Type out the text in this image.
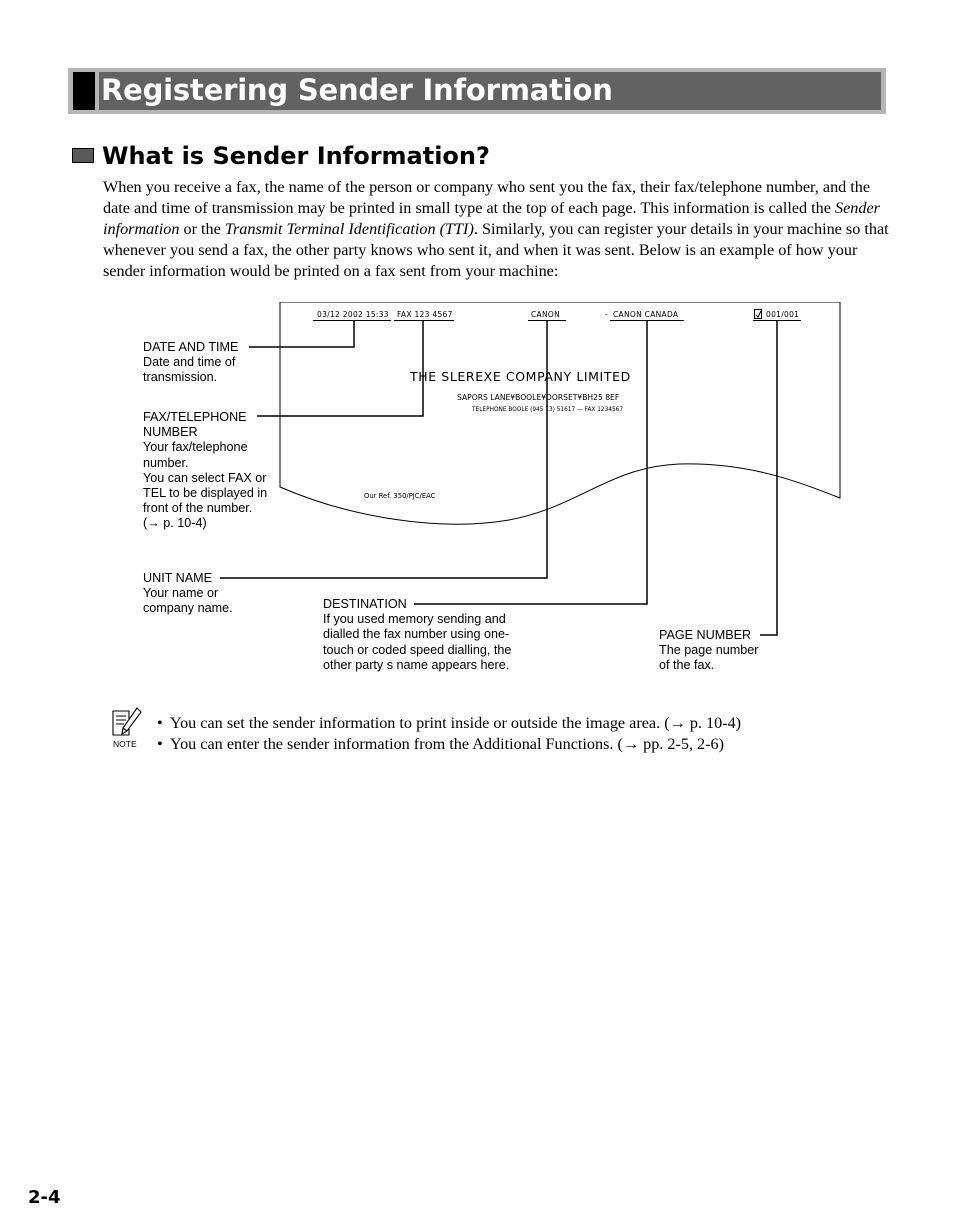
Registering Sender Information
What is Sender Information?

When you receive a fax, the name of the person or company who sent you the fax, their fax/telephone number, and the date and time of transmission may be printed in small type at the top of each page. This information is called the Sender information or the Transmit Terminal Identification (TTI). Similarly, you can register your details in your machine so that whenever you send a fax, the other party knows who sent it, and when it was sent. Below is an example of how your sender information would be printed on a fax sent from your machine:

03/12 2002 15:33 FAX 123 4567	CANON	- CANON CANADA	001/001
THE SLEREXE COMPANY LIMITED
SAPORS LANE¥BOOLE¥DORSET¥BH25 8EF
TELEPHONE BOOLE (945 13) 51617 — FAX 1234567
Our Ref. 350/PJC/EAC
DATE AND TIME
Date and time of
transmission.
FAX/TELEPHONE
NUMBER
Your fax/telephone
number.
You can select FAX or
TEL to be displayed in
front of the number.
(→ p. 10-4)
UNIT NAME
Your name or
company name.	DESTINATION
If you used memory sending and
dialled the fax number using one-
touch or coded speed dialling, the
other party s name appears here.
PAGE NUMBER
The page number
of the fax.
NOTE
• You can set the sender information to print inside or outside the image area. (→ p. 10-4)
• You can enter the sender information from the Additional Functions. (→ pp. 2-5, 2-6)
2-4
